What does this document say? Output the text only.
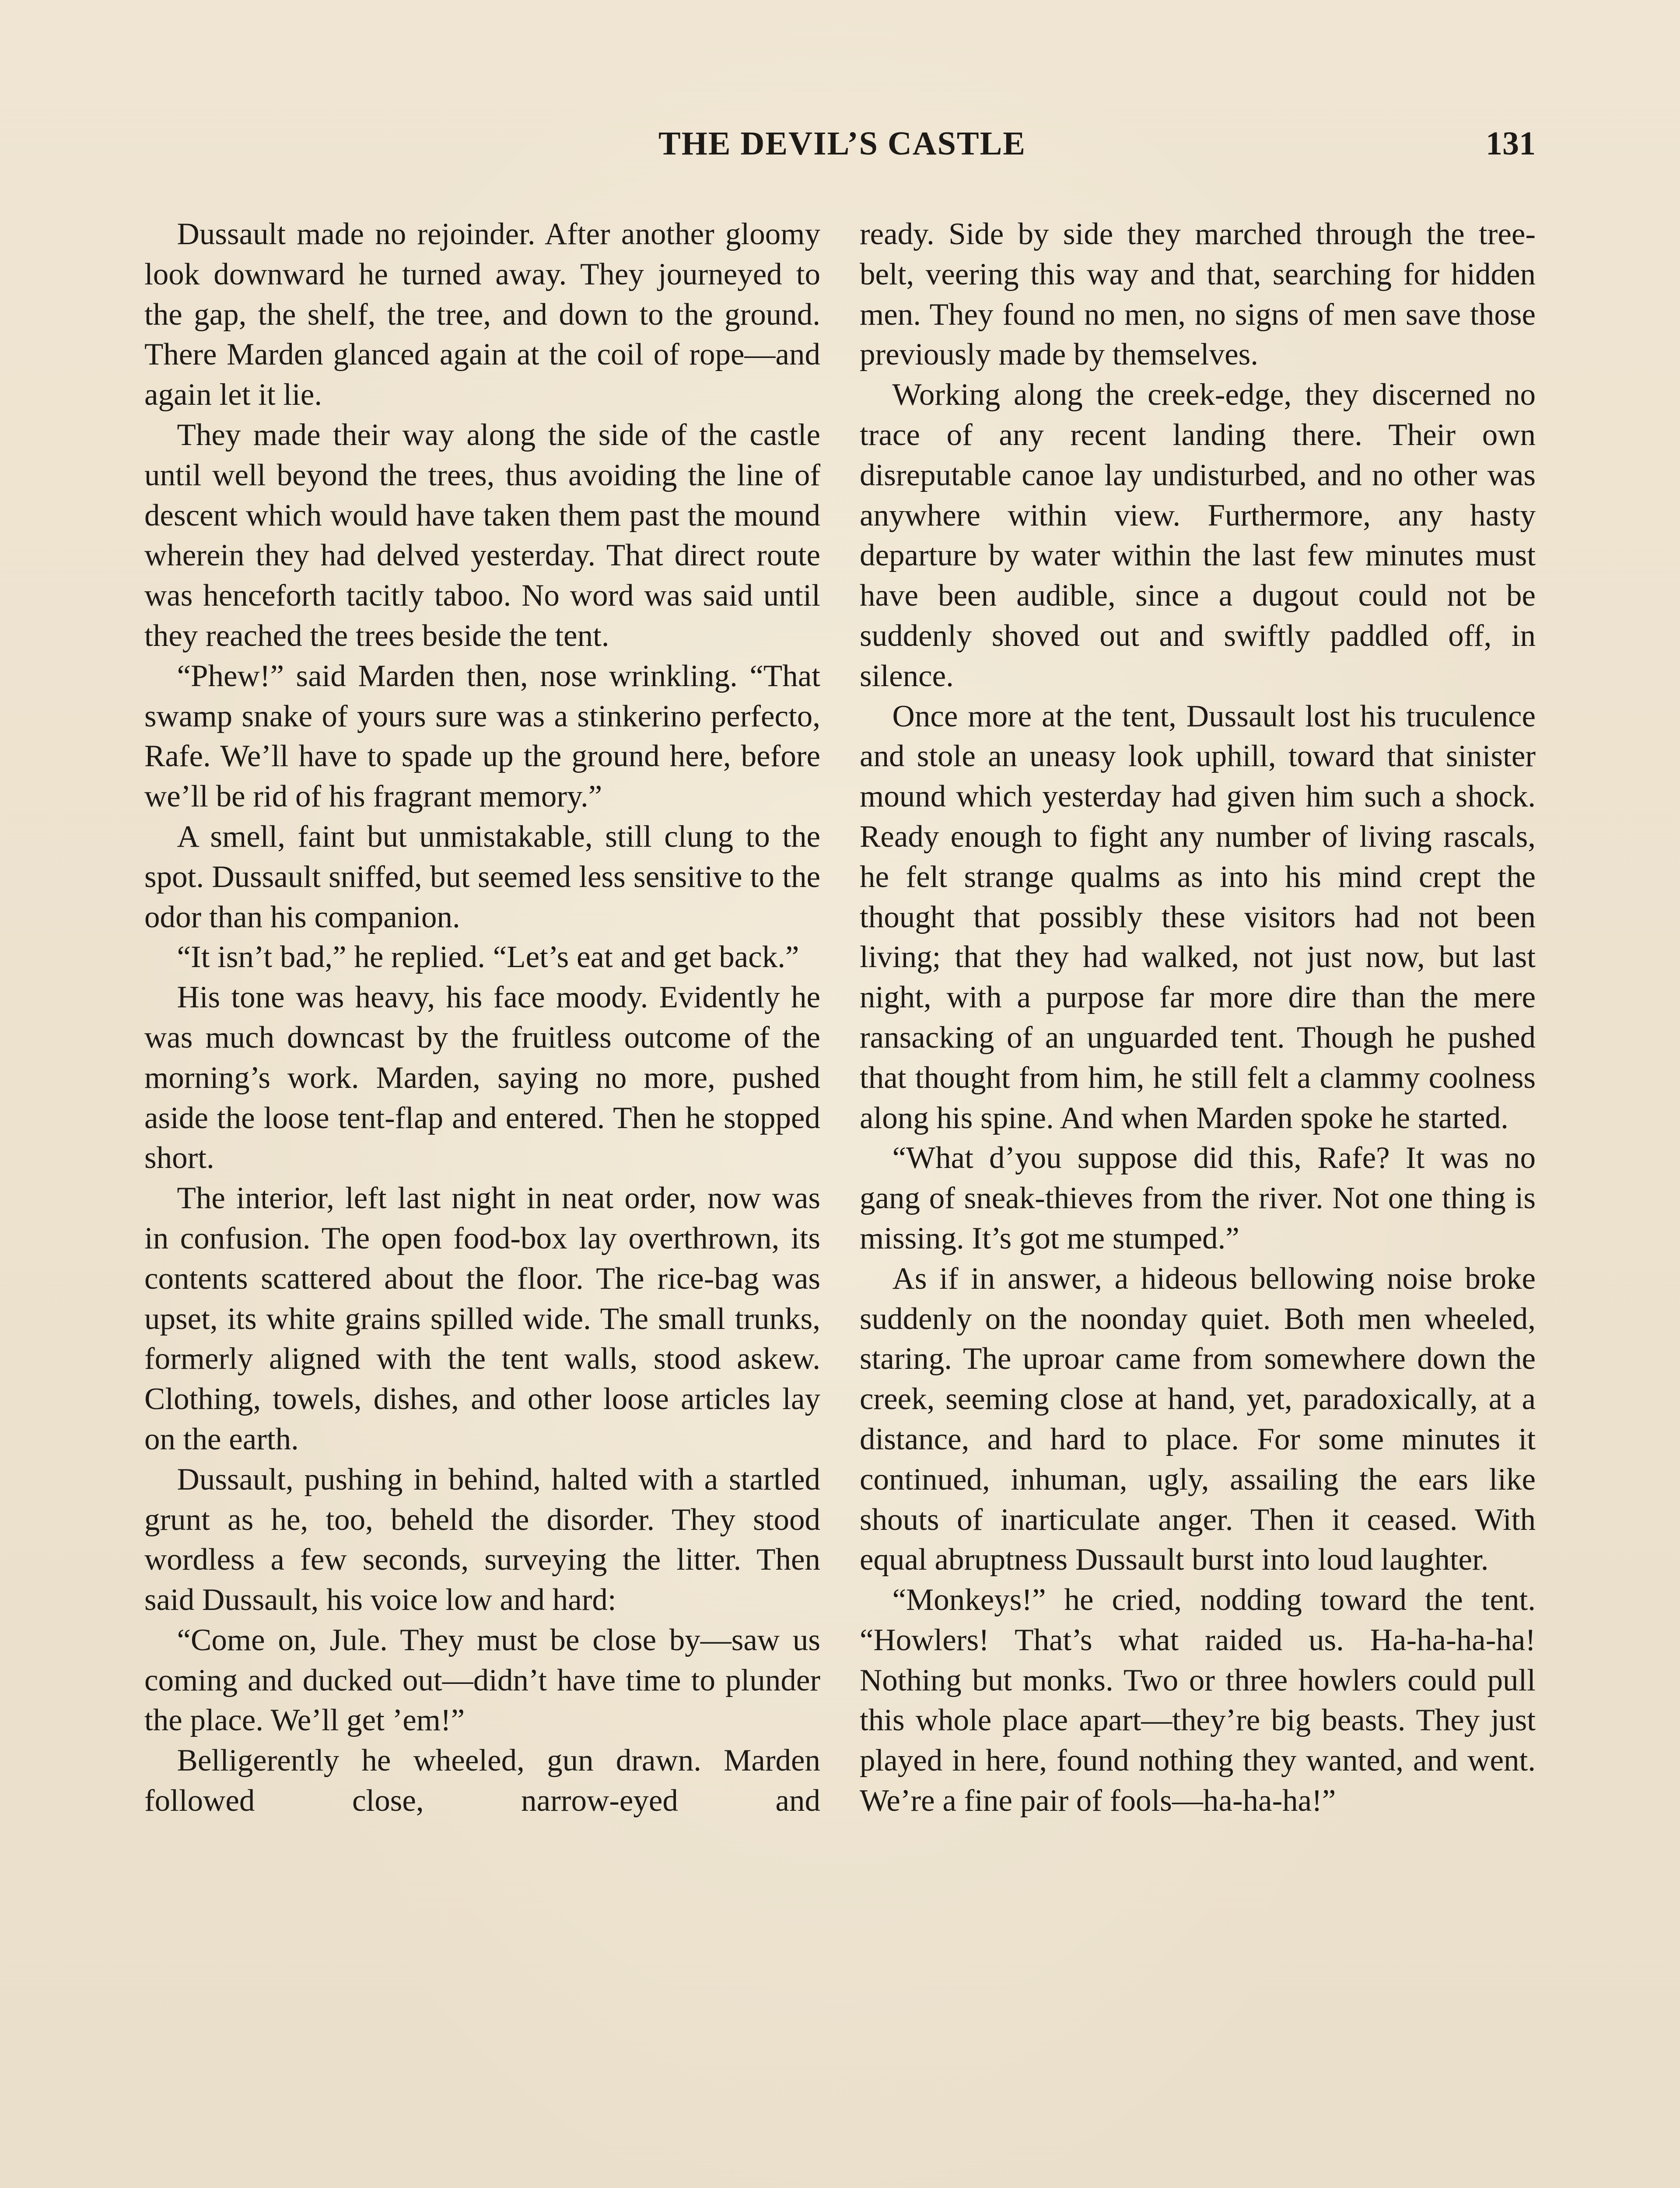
THE DEVIL’S CASTLE	131

Dussault made no rejoinder. After another gloomy look downward he turned away. They journeyed to the gap, the shelf, the tree, and down to the ground. There Marden glanced again at the coil of rope—and again let it lie.

They made their way along the side of the castle until well beyond the trees, thus avoiding the line of descent which would have taken them past the mound wherein they had delved yesterday. That direct route was henceforth tacitly taboo. No word was said until they reached the trees beside the tent.

“Phew!” said Marden then, nose wrinkling. “That swamp snake of yours sure was a stinkerino perfecto, Rafe. We’ll have to spade up the ground here, before we’ll be rid of his fragrant memory.”

A smell, faint but unmistakable, still clung to the spot. Dussault sniffed, but seemed less sensitive to the odor than his companion.

“It isn’t bad,” he replied. “Let’s eat and get back.”

His tone was heavy, his face moody. Evidently he was much downcast by the fruitless outcome of the morning’s work. Marden, saying no more, pushed aside the loose tent-flap and entered. Then he stopped short.

The interior, left last night in neat order, now was in confusion. The open food-box lay overthrown, its contents scattered about the floor. The rice-bag was upset, its white grains spilled wide. The small trunks, formerly aligned with the tent walls, stood askew. Clothing, towels, dishes, and other loose articles lay on the earth.

Dussault, pushing in behind, halted with a startled grunt as he, too, beheld the disorder. They stood wordless a few seconds, surveying the litter. Then said Dussault, his voice low and hard:

“Come on, Jule. They must be close by—saw us coming and ducked out—didn’t have time to plunder the place. We’ll get ’em!”

Belligerently he wheeled, gun drawn. Marden followed close, narrow-eyed and

ready. Side by side they marched through the tree-belt, veering this way and that, searching for hidden men. They found no men, no signs of men save those previously made by themselves.

Working along the creek-edge, they discerned no trace of any recent landing there. Their own disreputable canoe lay undisturbed, and no other was anywhere within view. Furthermore, any hasty departure by water within the last few minutes must have been audible, since a dugout could not be suddenly shoved out and swiftly paddled off, in silence.

Once more at the tent, Dussault lost his truculence and stole an uneasy look uphill, toward that sinister mound which yesterday had given him such a shock. Ready enough to fight any number of living rascals, he felt strange qualms as into his mind crept the thought that possibly these visitors had not been living; that they had walked, not just now, but last night, with a purpose far more dire than the mere ransacking of an unguarded tent. Though he pushed that thought from him, he still felt a clammy coolness along his spine. And when Marden spoke he started.

“What d’you suppose did this, Rafe? It was no gang of sneak-thieves from the river. Not one thing is missing. It’s got me stumped.”

As if in answer, a hideous bellowing noise broke suddenly on the noonday quiet. Both men wheeled, staring. The uproar came from somewhere down the creek, seeming close at hand, yet, paradoxically, at a distance, and hard to place. For some minutes it continued, inhuman, ugly, assailing the ears like shouts of inarticulate anger. Then it ceased. With equal abruptness Dussault burst into loud laughter.

“Monkeys!” he cried, nodding toward the tent. “Howlers! That’s what raided us. Ha-ha-ha-ha! Nothing but monks. Two or three howlers could pull this whole place apart—they’re big beasts. They just played in here, found nothing they wanted, and went. We’re a fine pair of fools—ha-ha-ha!”
